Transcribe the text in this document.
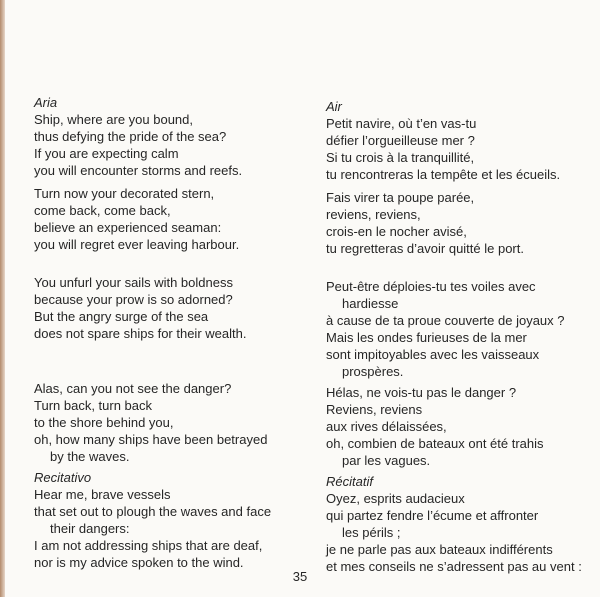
Aria
Ship, where are you bound,
thus defying the pride of the sea?
If you are expecting calm
you will encounter storms and reefs.
Turn now your decorated stern,
come back, come back,
believe an experienced seaman:
you will regret ever leaving harbour.
You unfurl your sails with boldness
because your prow is so adorned?
But the angry surge of the sea
does not spare ships for their wealth.
Alas, can you not see the danger?
Turn back, turn back
to the shore behind you,
oh, how many ships have been betrayed
by the waves.
Recitativo
Hear me, brave vessels
that set out to plough the waves and face
their dangers:
I am not addressing ships that are deaf,
nor is my advice spoken to the wind.
Air
Petit navire, où t’en vas-tu
défier l’orgueilleuse mer ?
Si tu crois à la tranquillité,
tu rencontreras la tempête et les écueils.
Fais virer ta poupe parée,
reviens, reviens,
crois-en le nocher avisé,
tu regretteras d’avoir quitté le port.
Peut-être déploies-tu tes voiles avec
hardiesse
à cause de ta proue couverte de joyaux ?
Mais les ondes furieuses de la mer
sont impitoyables avec les vaisseaux
prospères.
Hélas, ne vois-tu pas le danger ?
Reviens, reviens
aux rives délaissées,
oh, combien de bateaux ont été trahis
par les vagues.
Récitatif
Oyez, esprits audacieux
qui partez fendre l’écume et affronter
les périls ;
je ne parle pas aux bateaux indifférents
et mes conseils ne s’adressent pas au vent :
35
